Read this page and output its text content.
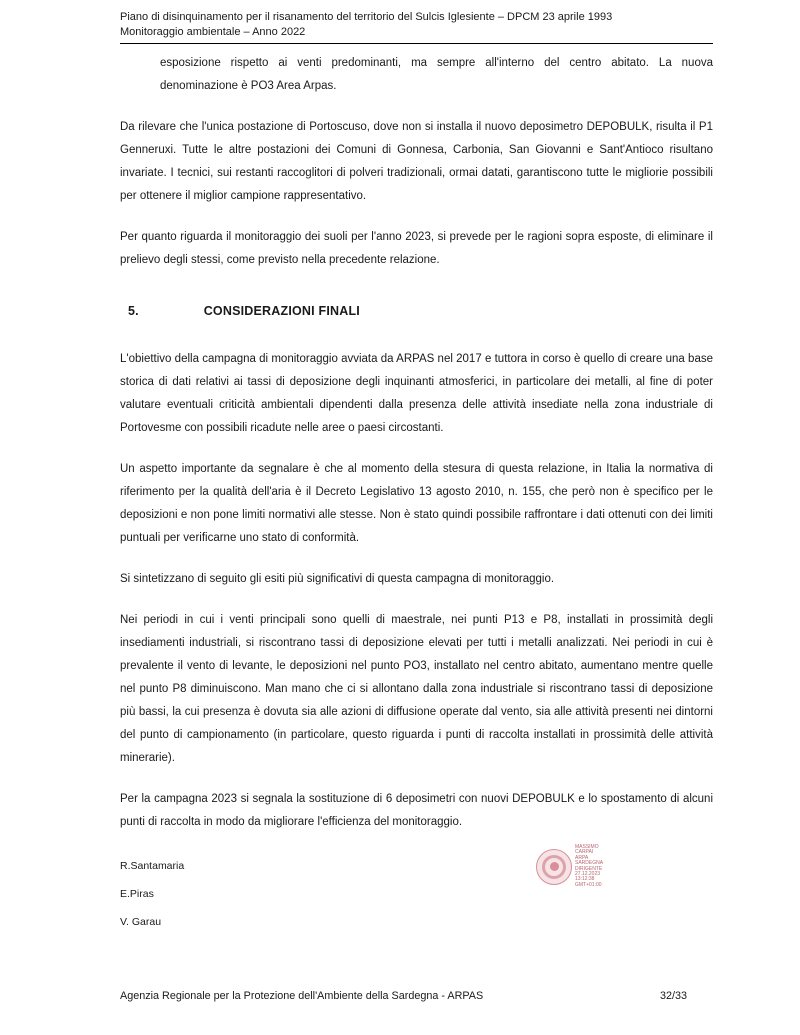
Piano di disinquinamento per il risanamento del territorio del Sulcis Iglesiente – DPCM 23 aprile 1993
Monitoraggio ambientale – Anno 2022

esposizione rispetto ai venti predominanti, ma sempre all'interno del centro abitato. La nuova denominazione è PO3 Area Arpas.

Da rilevare che l'unica postazione di Portoscuso, dove non si installa il nuovo deposimetro DEPOBULK, risulta il P1 Genneruxi. Tutte le altre postazioni dei Comuni di Gonnesa, Carbonia, San Giovanni e Sant'Antioco risultano invariate. I tecnici, sui restanti raccoglitori di polveri tradizionali, ormai datati, garantiscono tutte le migliorie possibili per ottenere il miglior campione rappresentativo.

Per quanto riguarda il monitoraggio dei suoli per l'anno 2023, si prevede per le ragioni sopra esposte, di eliminare il prelievo degli stessi, come previsto nella precedente relazione.

5.	CONSIDERAZIONI FINALI

L'obiettivo della campagna di monitoraggio avviata da ARPAS nel 2017 e tuttora in corso è quello di creare una base storica di dati relativi ai tassi di deposizione degli inquinanti atmosferici, in particolare dei metalli, al fine di poter valutare eventuali criticità ambientali dipendenti dalla presenza delle attività insediate nella zona industriale di Portovesme con possibili ricadute nelle aree o paesi circostanti.

Un aspetto importante da segnalare è che al momento della stesura di questa relazione, in Italia la normativa di riferimento per la qualità dell'aria è il Decreto Legislativo 13 agosto 2010, n. 155, che però non è specifico per le deposizioni e non pone limiti normativi alle stesse. Non è stato quindi possibile raffrontare i dati ottenuti con dei limiti puntuali per verificarne uno stato di conformità.

Si sintetizzano di seguito gli esiti più significativi di questa campagna di monitoraggio.

Nei periodi in cui i venti principali sono quelli di maestrale, nei punti P13 e P8, installati in prossimità degli insediamenti industriali, si riscontrano tassi di deposizione elevati per tutti i metalli analizzati. Nei periodi in cui è prevalente il vento di levante, le deposizioni nel punto PO3, installato nel centro abitato, aumentano mentre quelle nel punto P8 diminuiscono. Man mano che ci si allontano dalla zona industriale si riscontrano tassi di deposizione più bassi, la cui presenza è dovuta sia alle azioni di diffusione operate dal vento, sia alle attività presenti nei dintorni del punto di campionamento (in particolare, questo riguarda i punti di raccolta installati in prossimità delle attività minerarie).

Per la campagna 2023 si segnala la sostituzione di 6 deposimetri con nuovi DEPOBULK e lo spostamento di alcuni punti di raccolta in modo da migliorare l'efficienza del monitoraggio.

R.Santamaria
E.Piras
V. Garau
MASSIMO
CARPAI
ARPA
SARDEGNA
DIRIGENTE
27.12.2023
13:12:38
GMT+01:00
Agenzia Regionale per la Protezione dell'Ambiente della Sardegna - ARPAS	32/33
